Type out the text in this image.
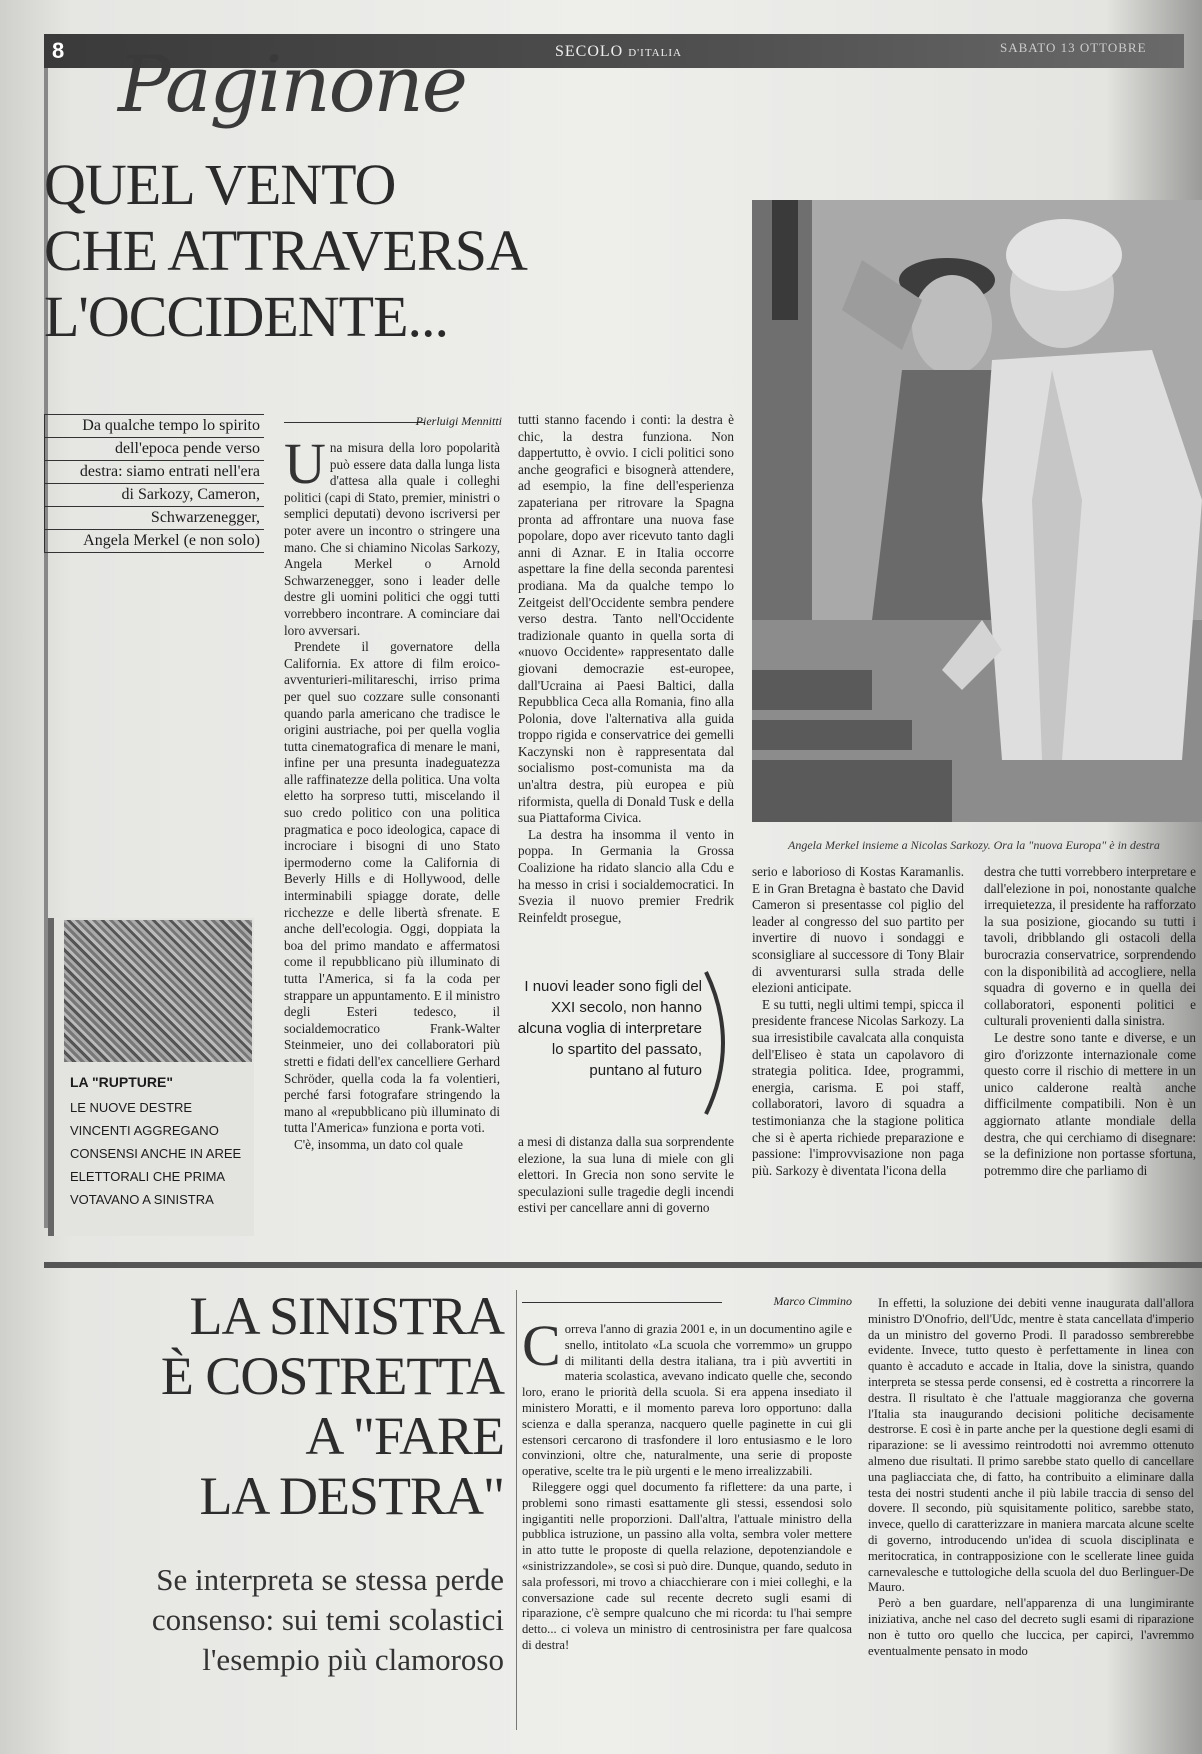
8	SECOLO D'ITALIA	SABATO 13 OTTOBRE
Paginone
QUEL VENTO
CHE ATTRAVERSA
L'OCCIDENTE...
Angela Merkel insieme a Nicolas Sarkozy. Ora la "nuova Europa" è in destra
Da qualche tempo lo spirito
dell'epoca pende verso
destra: siamo entrati nell'era
di Sarkozy, Cameron,
Schwarzenegger,
Angela Merkel (e non solo)
Pierluigi Mennitti
U na misura della loro popolarità può essere data dalla lunga lista d'attesa alla quale i colleghi politici (capi di Stato, premier, ministri o semplici deputati) devono iscriversi per poter avere un incontro o stringere una mano. Che si chiamino Nicolas Sarkozy, Angela Merkel o Arnold Schwarzenegger, sono i leader delle destre gli uomini politici che oggi tutti vorrebbero incontrare. A cominciare dai loro avversari.

Prendete il governatore della California. Ex attore di film eroico-avventurieri-militareschi, irriso prima per quel suo cozzare sulle consonanti quando parla americano che tradisce le origini austriache, poi per quella voglia tutta cinematografica di menare le mani, infine per una presunta inadeguatezza alle raffinatezze della politica. Una volta eletto ha sorpreso tutti, miscelando il suo credo politico con una politica pragmatica e poco ideologica, capace di incrociare i bisogni di uno Stato ipermoderno come la California di Beverly Hills e di Hollywood, delle interminabili spiagge dorate, delle ricchezze e delle libertà sfrenate. E anche dell'ecologia. Oggi, doppiata la boa del primo mandato e affermatosi come il repubblicano più illuminato di tutta l'America, si fa la coda per strappare un appuntamento. E il ministro degli Esteri tedesco, il socialdemocratico Frank-Walter Steinmeier, uno dei collaboratori più stretti e fidati dell'ex cancelliere Gerhard Schröder, quella coda la fa volentieri, perché farsi fotografare stringendo la mano al «repubblicano più illuminato di tutta l'America» funziona e porta voti.

C'è, insomma, un dato col quale

tutti stanno facendo i conti: la destra è chic, la destra funziona. Non dappertutto, è ovvio. I cicli politici sono anche geografici e bisognerà attendere, ad esempio, la fine dell'esperienza zapateriana per ritrovare la Spagna pronta ad affrontare una nuova fase popolare, dopo aver ricevuto tanto dagli anni di Aznar. E in Italia occorre aspettare la fine della seconda parentesi prodiana. Ma da qualche tempo lo Zeitgeist dell'Occidente sembra pendere verso destra. Tanto nell'Occidente tradizionale quanto in quella sorta di «nuovo Occidente» rappresentato dalle giovani democrazie est-europee, dall'Ucraina ai Paesi Baltici, dalla Repubblica Ceca alla Romania, fino alla Polonia, dove l'alternativa alla guida troppo rigida e conservatrice dei gemelli Kaczynski non è rappresentata dal socialismo post-comunista ma da un'altra destra, più europea e più riformista, quella di Donald Tusk e della sua Piattaforma Civica.

La destra ha insomma il vento in poppa. In Germania la Grossa Coalizione ha ridato slancio alla Cdu e ha messo in crisi i socialdemocratici. In Svezia il nuovo premier Fredrik Reinfeldt prosegue,

I nuovi leader sono figli del XXI secolo, non hanno alcuna voglia di interpretare lo spartito del passato, puntano al futuro

a mesi di distanza dalla sua sorprendente elezione, la sua luna di miele con gli elettori. In Grecia non sono servite le speculazioni sulle tragedie degli incendi estivi per cancellare anni di governo

serio e laborioso di Kostas Karamanlis. E in Gran Bretagna è bastato che David Cameron si presentasse col piglio del leader al congresso del suo partito per invertire di nuovo i sondaggi e sconsigliare al successore di Tony Blair di avventurarsi sulla strada delle elezioni anticipate.

E su tutti, negli ultimi tempi, spicca il presidente francese Nicolas Sarkozy. La sua irresistibile cavalcata alla conquista dell'Eliseo è stata un capolavoro di strategia politica. Idee, programmi, energia, carisma. E poi staff, collaboratori, lavoro di squadra a testimonianza che la stagione politica che si è aperta richiede preparazione e passione: l'improvvisazione non paga più. Sarkozy è diventata l'icona della

destra che tutti vorrebbero interpretare e dall'elezione in poi, nonostante qualche irrequietezza, il presidente ha rafforzato la sua posizione, giocando su tutti i tavoli, dribblando gli ostacoli della burocrazia conservatrice, sorprendendo con la disponibilità ad accogliere, nella squadra di governo e in quella dei collaboratori, esponenti politici e culturali provenienti dalla sinistra.

Le destre sono tante e diverse, e un giro d'orizzonte internazionale come questo corre il rischio di mettere in un unico calderone realtà anche difficilmente compatibili. Non è un aggiornato atlante mondiale della destra, che qui cerchiamo di disegnare: se la definizione non portasse sfortuna, potremmo dire che parliamo di

LA "RUPTURE"
LE NUOVE DESTRE VINCENTI AGGREGANO CONSENSI ANCHE IN AREE ELETTORALI CHE PRIMA VOTAVANO A SINISTRA
LA SINISTRA
È COSTRETTA
A "FARE
LA DESTRA"
Se interpreta se stessa perde
consenso: sui temi scolastici
l'esempio più clamoroso
Marco Cimmino
C orreva l'anno di grazia 2001 e, in un documentino agile e snello, intitolato «La scuola che vorremmo» un gruppo di militanti della destra italiana, tra i più avvertiti in materia scolastica, avevano indicato quelle che, secondo loro, erano le priorità della scuola. Si era appena insediato il ministero Moratti, e il momento pareva loro opportuno: dalla scienza e dalla speranza, nacquero quelle paginette in cui gli estensori cercarono di trasfondere il loro entusiasmo e le loro convinzioni, oltre che, naturalmente, una serie di proposte operative, scelte tra le più urgenti e le meno irrealizzabili.

Rileggere oggi quel documento fa riflettere: da una parte, i problemi sono rimasti esattamente gli stessi, essendosi solo ingigantiti nelle proporzioni. Dall'altra, l'attuale ministro della pubblica istruzione, un passino alla volta, sembra voler mettere in atto tutte le proposte di quella relazione, depotenziandole e «sinistrizzandole», se così si può dire. Dunque, quando, seduto in sala professori, mi trovo a chiacchierare con i miei colleghi, e la conversazione cade sul recente decreto sugli esami di riparazione, c'è sempre qualcuno che mi ricorda: tu l'hai sempre detto... ci voleva un ministro di centrosinistra per fare qualcosa di destra!

In effetti, la soluzione dei debiti venne inaugurata dall'allora ministro D'Onofrio, dell'Udc, mentre è stata cancellata d'imperio da un ministro del governo Prodi. Il paradosso sembrerebbe evidente. Invece, tutto questo è perfettamente in linea con quanto è accaduto e accade in Italia, dove la sinistra, quando interpreta se stessa perde consensi, ed è costretta a rincorrere la destra. Il risultato è che l'attuale maggioranza che governa l'Italia sta inaugurando decisioni politiche decisamente destrorse. E così è in parte anche per la questione degli esami di riparazione: se li avessimo reintrodotti noi avremmo ottenuto almeno due risultati. Il primo sarebbe stato quello di cancellare una pagliacciata che, di fatto, ha contribuito a eliminare dalla testa dei nostri studenti anche il più labile traccia di senso del dovere. Il secondo, più squisitamente politico, sarebbe stato, invece, quello di caratterizzare in maniera marcata alcune scelte di governo, introducendo un'idea di scuola disciplinata e meritocratica, in contrapposizione con le scellerate linee guida carnevalesche e tuttologiche della scuola del duo Berlinguer-De Mauro.

Però a ben guardare, nell'apparenza di una lungimirante iniziativa, anche nel caso del decreto sugli esami di riparazione non è tutto oro quello che luccica, per capirci, l'avremmo eventualmente pensato in modo
